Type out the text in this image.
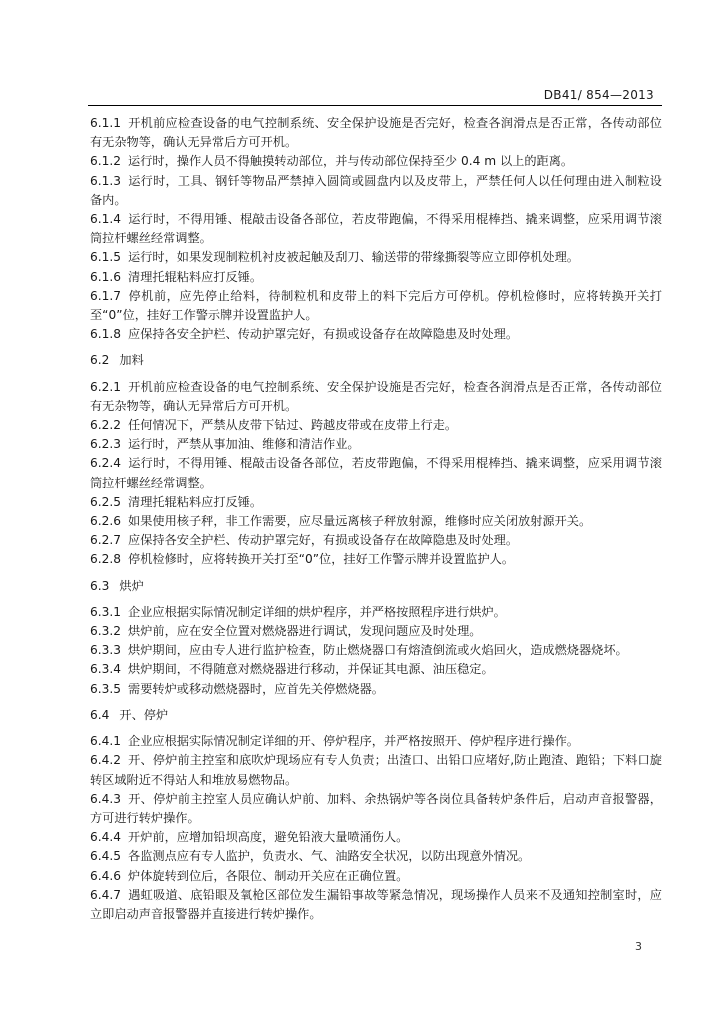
DB41/ 854—2013

6.1.1 开机前应检查设备的电气控制系统、安全保护设施是否完好，检查各润滑点是否正常，各传动部位有无杂物等，确认无异常后方可开机。

6.1.2 运行时，操作人员不得触摸转动部位，并与传动部位保持至少 0.4 m 以上的距离。

6.1.3 运行时，工具、钢钎等物品严禁掉入圆筒或圆盘内以及皮带上，严禁任何人以任何理由进入制粒设备内。

6.1.4 运行时，不得用锤、棍敲击设备各部位，若皮带跑偏，不得采用棍棒挡、撬来调整，应采用调节滚筒拉杆螺丝经常调整。

6.1.5 运行时，如果发现制粒机衬皮被起触及刮刀、输送带的带缘撕裂等应立即停机处理。

6.1.6 清理托辊粘料应打反锤。

6.1.7 停机前，应先停止给料，待制粒机和皮带上的料下完后方可停机。停机检修时，应将转换开关打至“0”位，挂好工作警示牌并设置监护人。

6.1.8 应保持各安全护栏、传动护罩完好，有损或设备存在故障隐患及时处理。

6.2 加料

6.2.1 开机前应检查设备的电气控制系统、安全保护设施是否完好，检查各润滑点是否正常，各传动部位有无杂物等，确认无异常后方可开机。

6.2.2 任何情况下，严禁从皮带下钻过、跨越皮带或在皮带上行走。

6.2.3 运行时，严禁从事加油、维修和清洁作业。

6.2.4 运行时，不得用锤、棍敲击设备各部位，若皮带跑偏，不得采用棍棒挡、撬来调整，应采用调节滚筒拉杆螺丝经常调整。

6.2.5 清理托辊粘料应打反锤。

6.2.6 如果使用核子秤，非工作需要，应尽量远离核子秤放射源，维修时应关闭放射源开关。

6.2.7 应保持各安全护栏、传动护罩完好，有损或设备存在故障隐患及时处理。

6.2.8 停机检修时，应将转换开关打至“0”位，挂好工作警示牌并设置监护人。

6.3 烘炉

6.3.1 企业应根据实际情况制定详细的烘炉程序，并严格按照程序进行烘炉。

6.3.2 烘炉前，应在安全位置对燃烧器进行调试，发现问题应及时处理。

6.3.3 烘炉期间，应由专人进行监护检查，防止燃烧器口有熔渣倒流或火焰回火，造成燃烧器烧坏。

6.3.4 烘炉期间，不得随意对燃烧器进行移动，并保证其电源、油压稳定。

6.3.5 需要转炉或移动燃烧器时，应首先关停燃烧器。

6.4 开、停炉

6.4.1 企业应根据实际情况制定详细的开、停炉程序，并严格按照开、停炉程序进行操作。

6.4.2 开、停炉前主控室和底吹炉现场应有专人负责；出渣口、出铅口应堵好,防止跑渣、跑铅；下料口旋转区域附近不得站人和堆放易燃物品。

6.4.3 开、停炉前主控室人员应确认炉前、加料、余热锅炉等各岗位具备转炉条件后，启动声音报警器，方可进行转炉操作。

6.4.4 开炉前，应增加铅坝高度，避免铅液大量喷涌伤人。

6.4.5 各监测点应有专人监护，负责水、气、油路安全状况，以防出现意外情况。

6.4.6 炉体旋转到位后，各限位、制动开关应在正确位置。

6.4.7 遇虹吸道、底铅眼及氧枪区部位发生漏铅事故等紧急情况，现场操作人员来不及通知控制室时，应立即启动声音报警器并直接进行转炉操作。

3
